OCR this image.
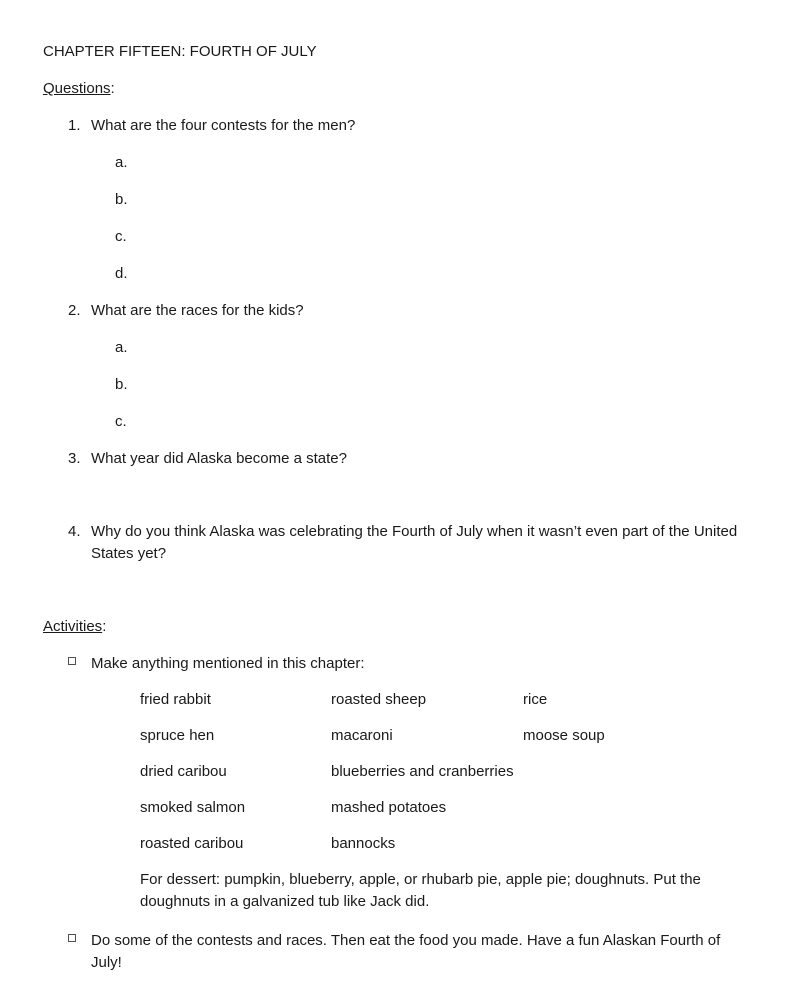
CHAPTER FIFTEEN: FOURTH OF JULY
Questions:
1. What are the four contests for the men?
a.
b.
c.
d.
2. What are the races for the kids?
a.
b.
c.
3. What year did Alaska become a state?
4. Why do you think Alaska was celebrating the Fourth of July when it wasn’t even part of the United States yet?
Activities:
Make anything mentioned in this chapter:
fried rabbit	roasted sheep	rice
spruce hen	macaroni	moose soup
dried caribou	blueberries and cranberries
smoked salmon	mashed potatoes
roasted caribou	bannocks
For dessert: pumpkin, blueberry, apple, or rhubarb pie, apple pie; doughnuts. Put the doughnuts in a galvanized tub like Jack did.
Do some of the contests and races. Then eat the food you made. Have a fun Alaskan Fourth of July!
